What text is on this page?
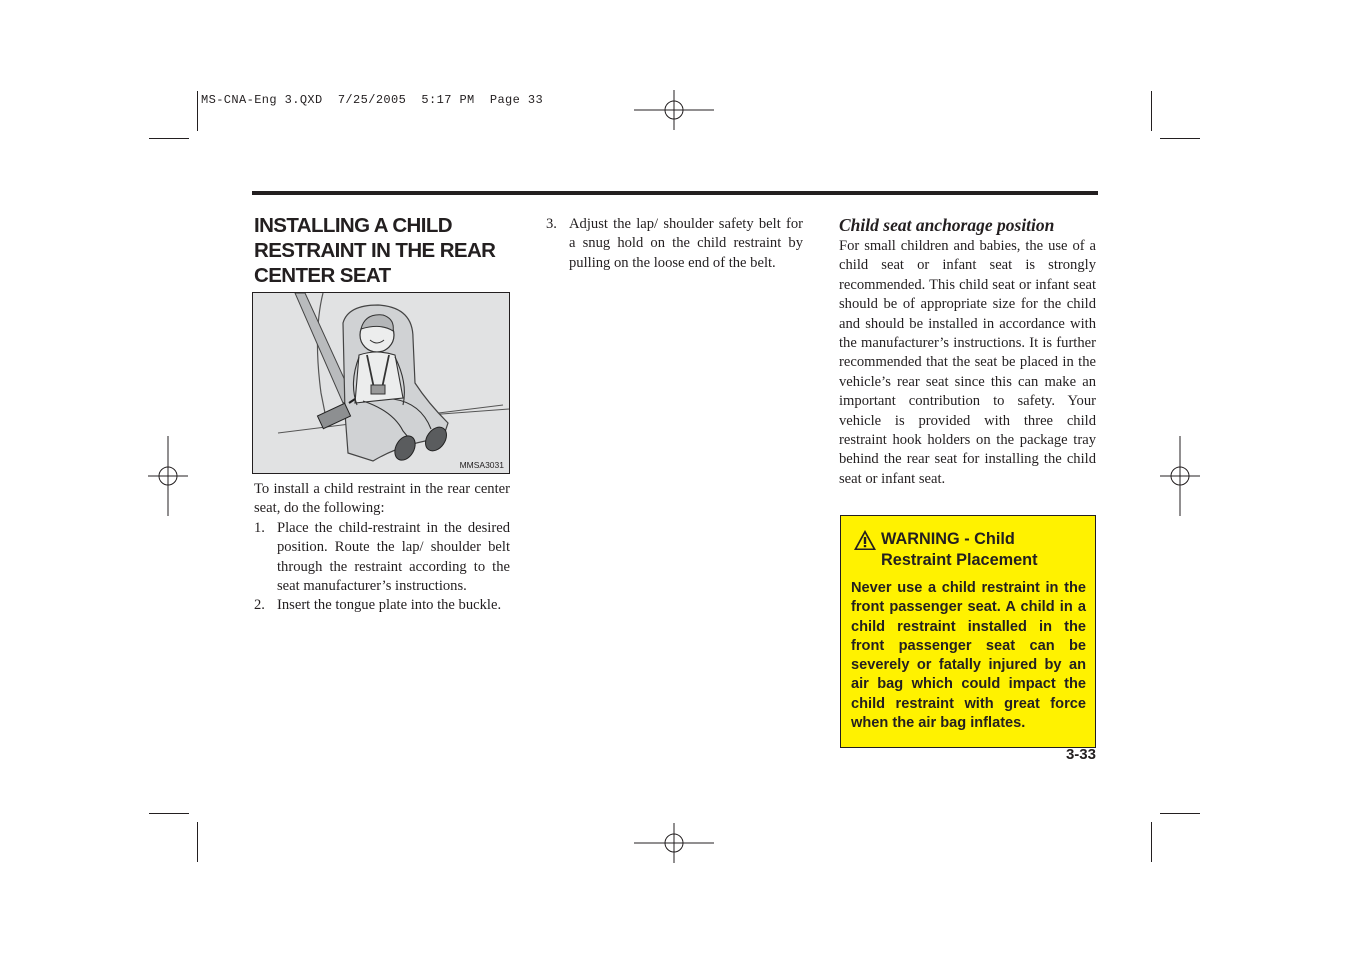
MS-CNA-Eng 3.QXD  7/25/2005  5:17 PM  Page 33
INSTALLING A CHILD RESTRAINT IN THE REAR CENTER SEAT
MMSA3031

To install a child restraint in the rear center seat, do the following:

1. Place the child-restraint in the desired position. Route the lap/ shoulder belt through the restraint according to the seat manufacturer’s instructions.
2. Insert the tongue plate into the buckle.
3. Adjust the lap/ shoulder safety belt for a snug hold on the child restraint by pulling on the loose end of the belt.
Child seat anchorage position

For small children and babies, the use of a child seat or infant seat is strongly recommended. This child seat or infant seat should be of appropriate size for the child and should be installed in accordance with the manufacturer’s instructions. It is further recommended that the seat be placed in the vehicle’s rear seat since this can make an important contribution to safety. Your vehicle is provided with three child restraint hook holders on the package tray behind the rear seat for installing the child seat or infant seat.

WARNING - Child
Restraint Placement

Never use a child restraint in the front passenger seat. A child in a child restraint installed in the front passenger seat can be severely or fatally injured by an air bag which could impact the child restraint with great force when the air bag inflates.

3-33
